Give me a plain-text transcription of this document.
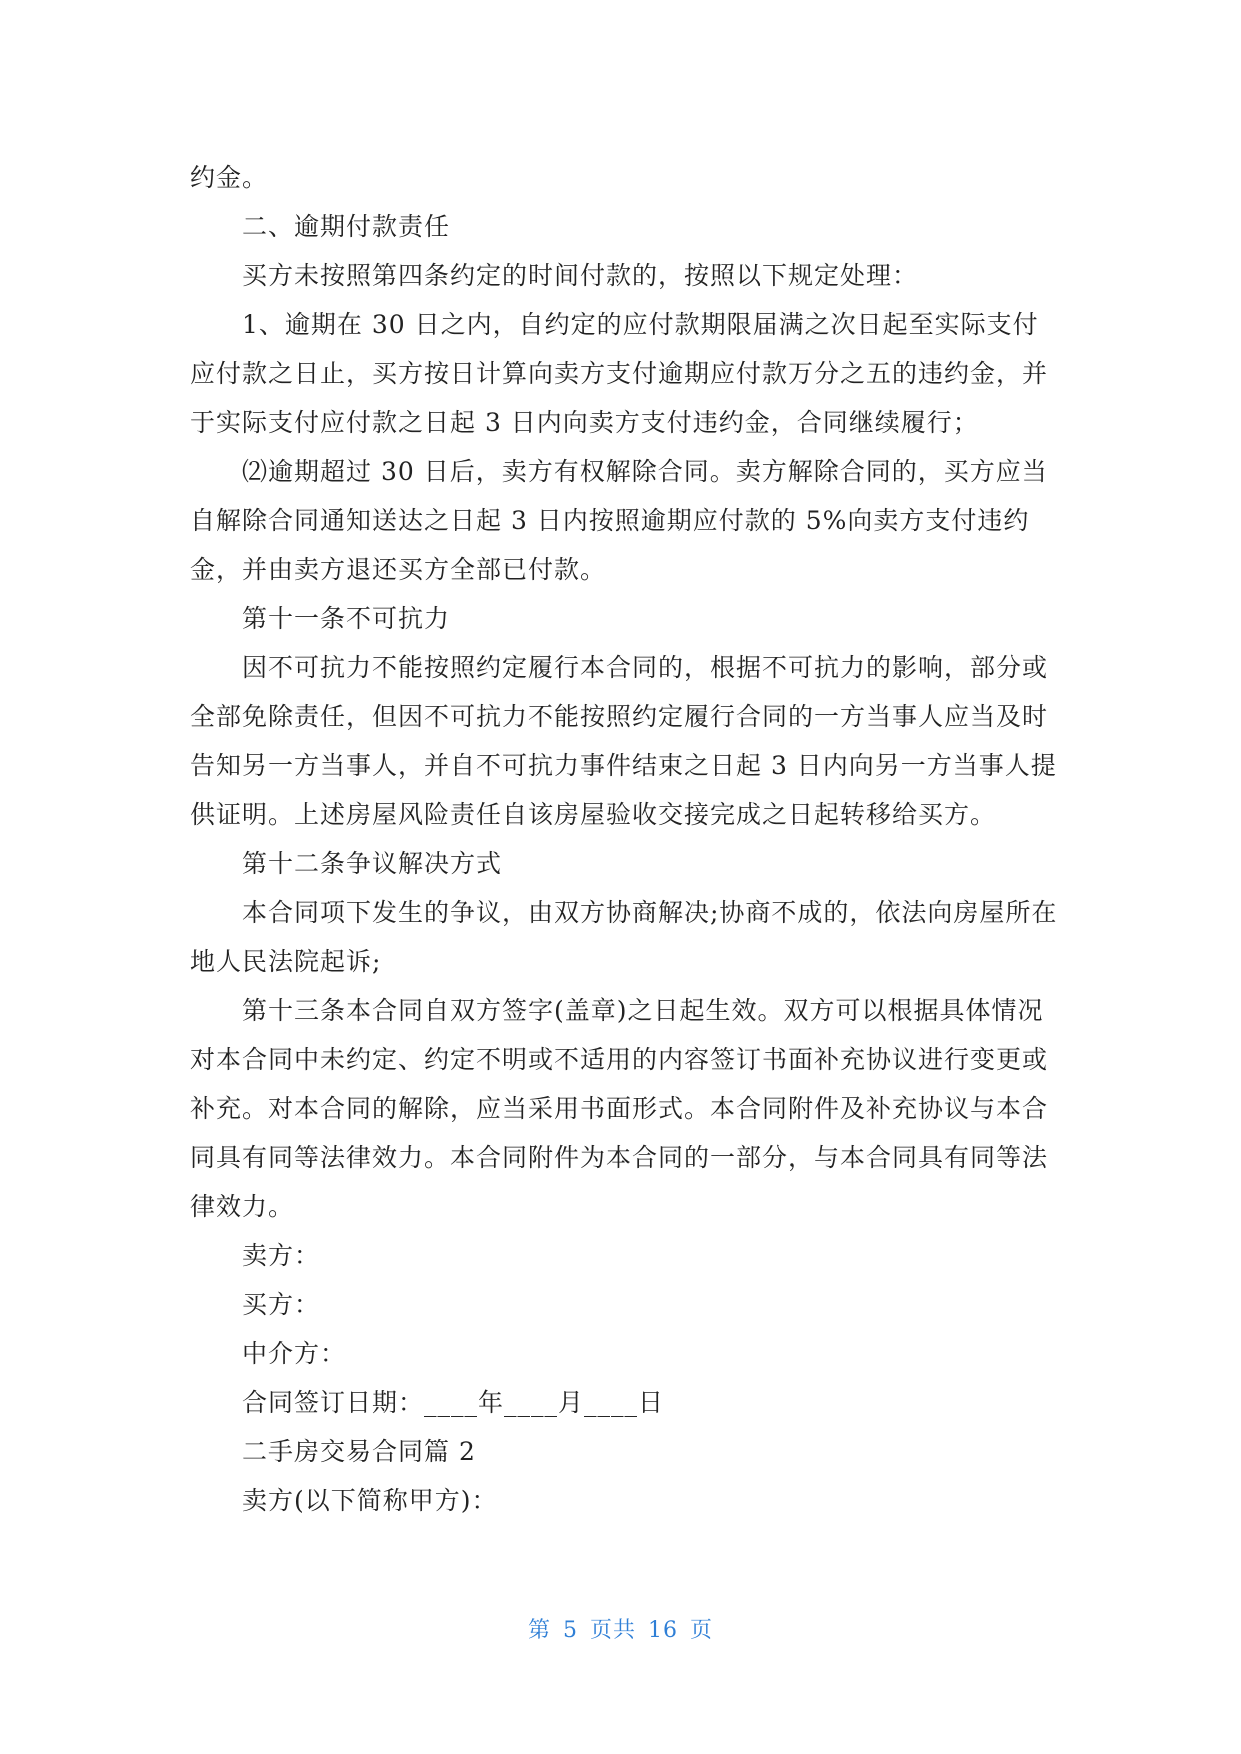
约金。

二、逾期付款责任

买方未按照第四条约定的时间付款的，按照以下规定处理：

1、逾期在 30 日之内，自约定的应付款期限届满之次日起至实际支付应付款之日止，买方按日计算向卖方支付逾期应付款万分之五的违约金，并于实际支付应付款之日起 3 日内向卖方支付违约金，合同继续履行；

⑵逾期超过 30 日后，卖方有权解除合同。卖方解除合同的，买方应当自解除合同通知送达之日起 3 日内按照逾期应付款的 5%向卖方支付违约金，并由卖方退还买方全部已付款。

第十一条不可抗力

因不可抗力不能按照约定履行本合同的，根据不可抗力的影响，部分或全部免除责任，但因不可抗力不能按照约定履行合同的一方当事人应当及时告知另一方当事人，并自不可抗力事件结束之日起 3 日内向另一方当事人提供证明。上述房屋风险责任自该房屋验收交接完成之日起转移给买方。

第十二条争议解决方式

本合同项下发生的争议，由双方协商解决;协商不成的，依法向房屋所在地人民法院起诉;

第十三条本合同自双方签字(盖章)之日起生效。双方可以根据具体情况对本合同中未约定、约定不明或不适用的内容签订书面补充协议进行变更或补充。对本合同的解除，应当采用书面形式。本合同附件及补充协议与本合同具有同等法律效力。本合同附件为本合同的一部分，与本合同具有同等法律效力。

卖方：

买方：

中介方：

合同签订日期：____年____月____日

二手房交易合同篇 2

卖方(以下简称甲方)：

第 5 页共 16 页
